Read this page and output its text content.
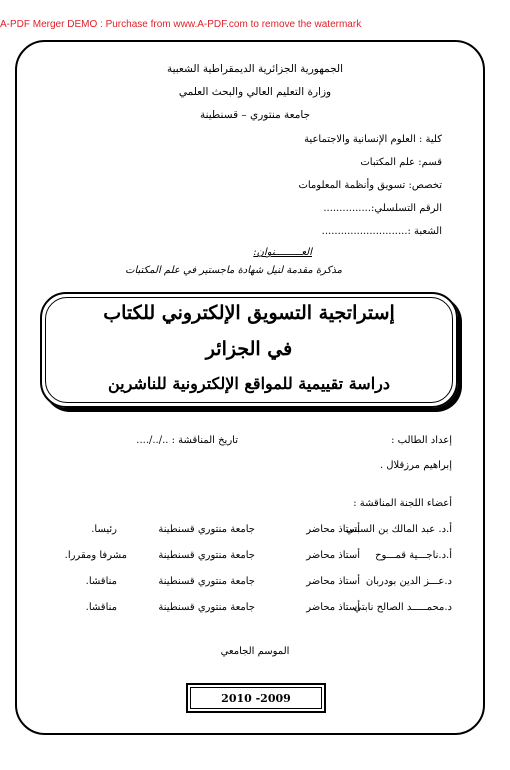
A-PDF Merger DEMO : Purchase from www.A-PDF.com to remove the watermark
الجمهورية الجزائرية الديمقراطية الشعبية
وزارة التعليم العالي والبحث العلمي
جامعة منتوري – قسنطينة
كلية : العلوم الإنسانية والاجتماعية
قسم: علم المكتبات
تخصص: تسويق وأنظمة المعلومات
الرقم التسلسلي:...............
الشعبة :...........................
العـــــــــنوان:
مذكرة مقدمة لنيل شهادة ماجستير في علم المكتبات
إستراتجية التسويق الإلكتروني للكتاب
في الجزائر
دراسة تقييمية للمواقع الإلكترونية للناشرين
إعداد الطالب :
تاريخ المناقشة : ../../....
إبراهيم مرزقلال .
أعضاء اللجنة المناقشة :
أ.د. عبد المالك بن السبتي
أستاذ محاضر
جامعة منتوري قسنطينة
رئيسا.
أ.د.ناجـــية قمـــوح
أستاذ محاضر
جامعة منتوري قسنطينة
مشرفا ومقررا.
د.عـــز الدين بودربان
أستاذ محاضر
جامعة منتوري قسنطينة
مناقشا.
د.محمـــــد الصالح نابتي
أستاذ محاضر
جامعة منتوري قسنطينة
مناقشا.
الموسم الجامعي
2010 -2009
